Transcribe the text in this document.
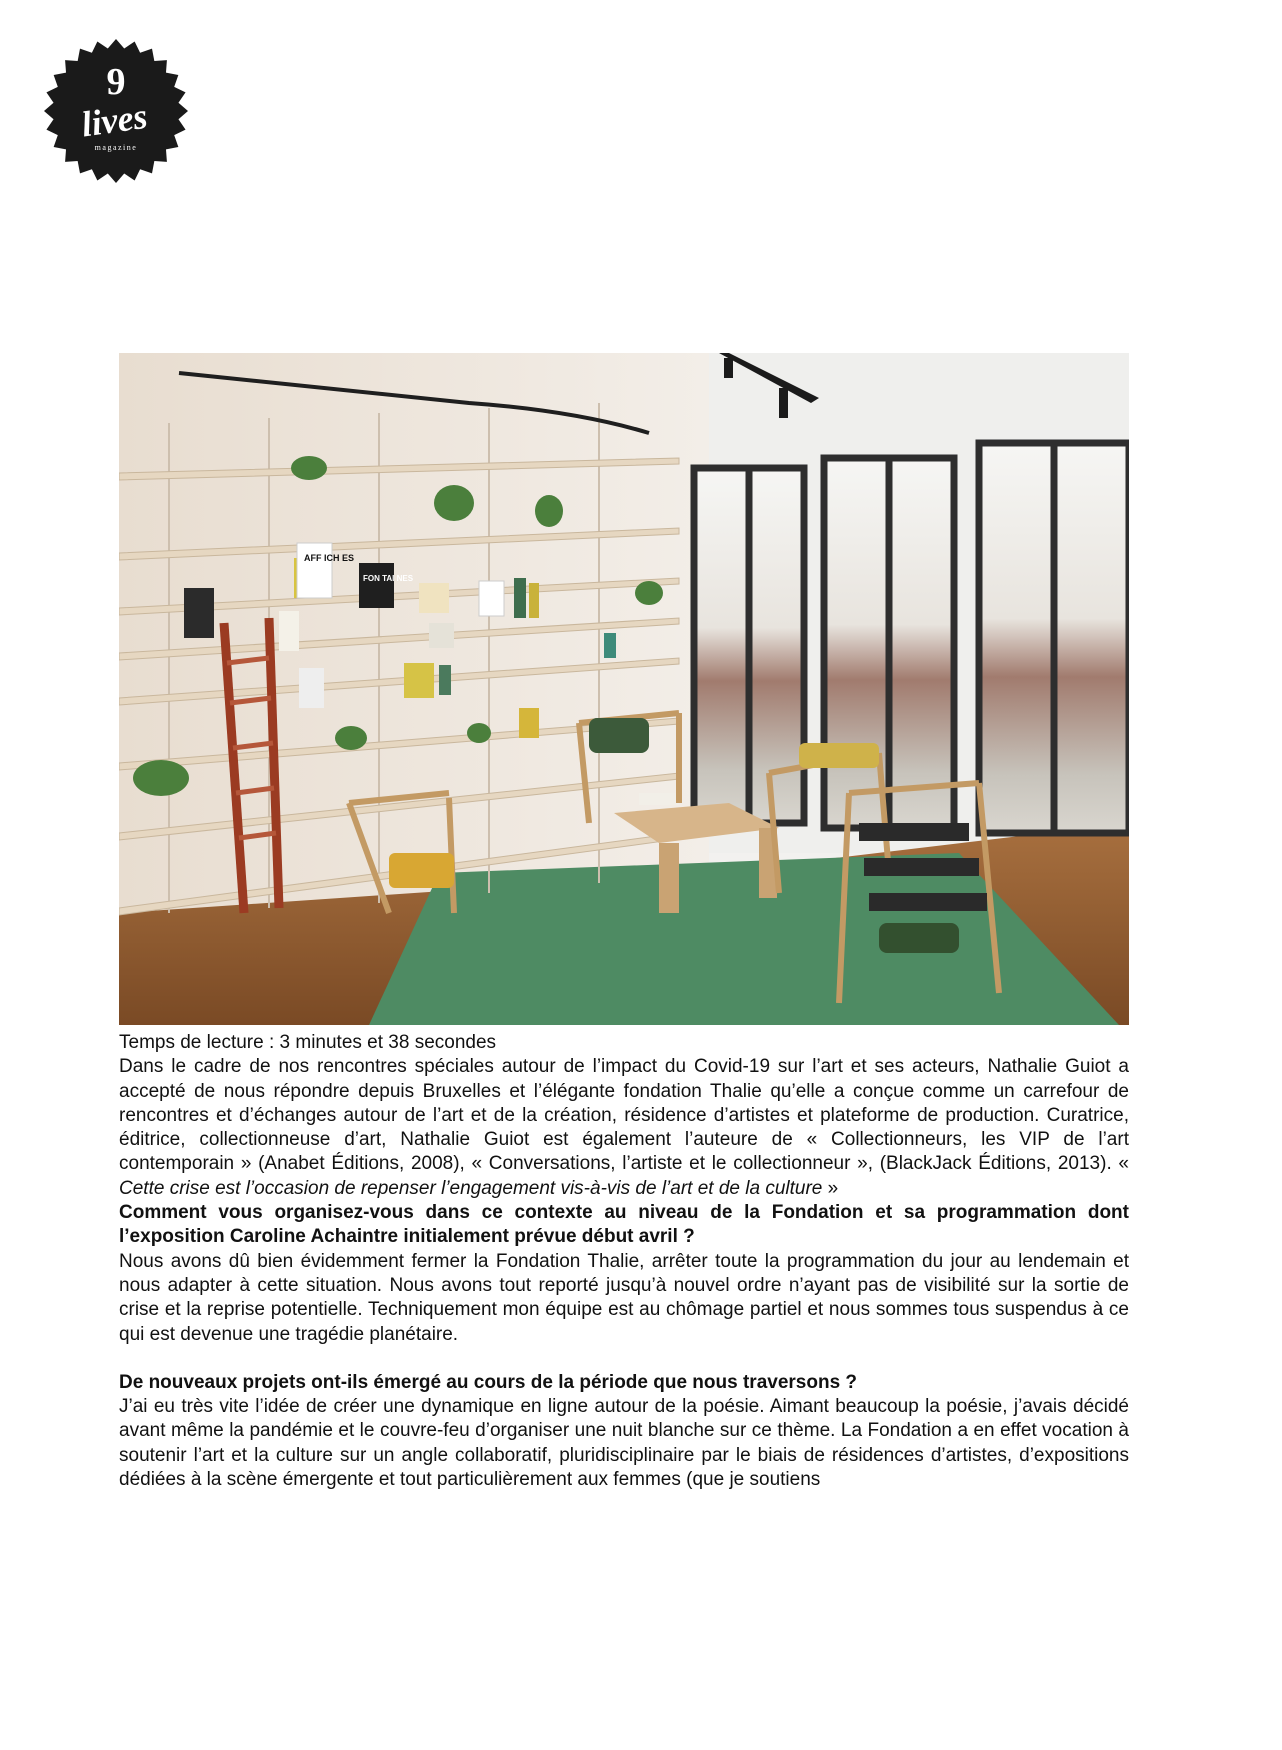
9
lives
magazine
AFF ICH ES
FON TAI NES

Temps de lecture : 3 minutes et 38 secondes

Dans le cadre de nos rencontres spéciales autour de l’impact du Covid-19 sur l’art et ses acteurs, Nathalie Guiot a accepté de nous répondre depuis Bruxelles et l’élégante fondation Thalie qu’elle a conçue comme un carrefour de rencontres et d’échanges autour de l’art et de la création, résidence d’artistes et plateforme de production. Curatrice, éditrice, collectionneuse d’art, Nathalie Guiot est également l’auteure de « Collectionneurs, les VIP de l’art contemporain » (Anabet Éditions, 2008), « Conversations, l’artiste et le collectionneur », (BlackJack Éditions, 2013). « Cette crise est l’occasion de repenser l’engagement vis-à-vis de l’art et de la culture »

Comment vous organisez-vous dans ce contexte au niveau de la Fondation et sa programmation dont l’exposition Caroline Achaintre initialement prévue début avril ?

Nous avons dû bien évidemment fermer la Fondation Thalie, arrêter toute la programmation du jour au lendemain et nous adapter à cette situation. Nous avons tout reporté jusqu’à nouvel ordre n’ayant pas de visibilité sur la sortie de crise et la reprise potentielle. Techniquement mon équipe est au chômage partiel et nous sommes tous suspendus à ce qui est devenue une tragédie planétaire.

De nouveaux projets ont-ils émergé au cours de la période que nous traversons ?

J’ai eu très vite l’idée de créer une dynamique en ligne autour de la poésie. Aimant beaucoup la poésie, j’avais décidé avant même la pandémie et le couvre-feu d’organiser une nuit blanche sur ce thème. La Fondation a en effet vocation à soutenir l’art et la culture sur un angle collaboratif, pluridisciplinaire par le biais de résidences d’artistes, d’expositions dédiées à la scène émergente et tout particulièrement aux femmes (que je soutiens
